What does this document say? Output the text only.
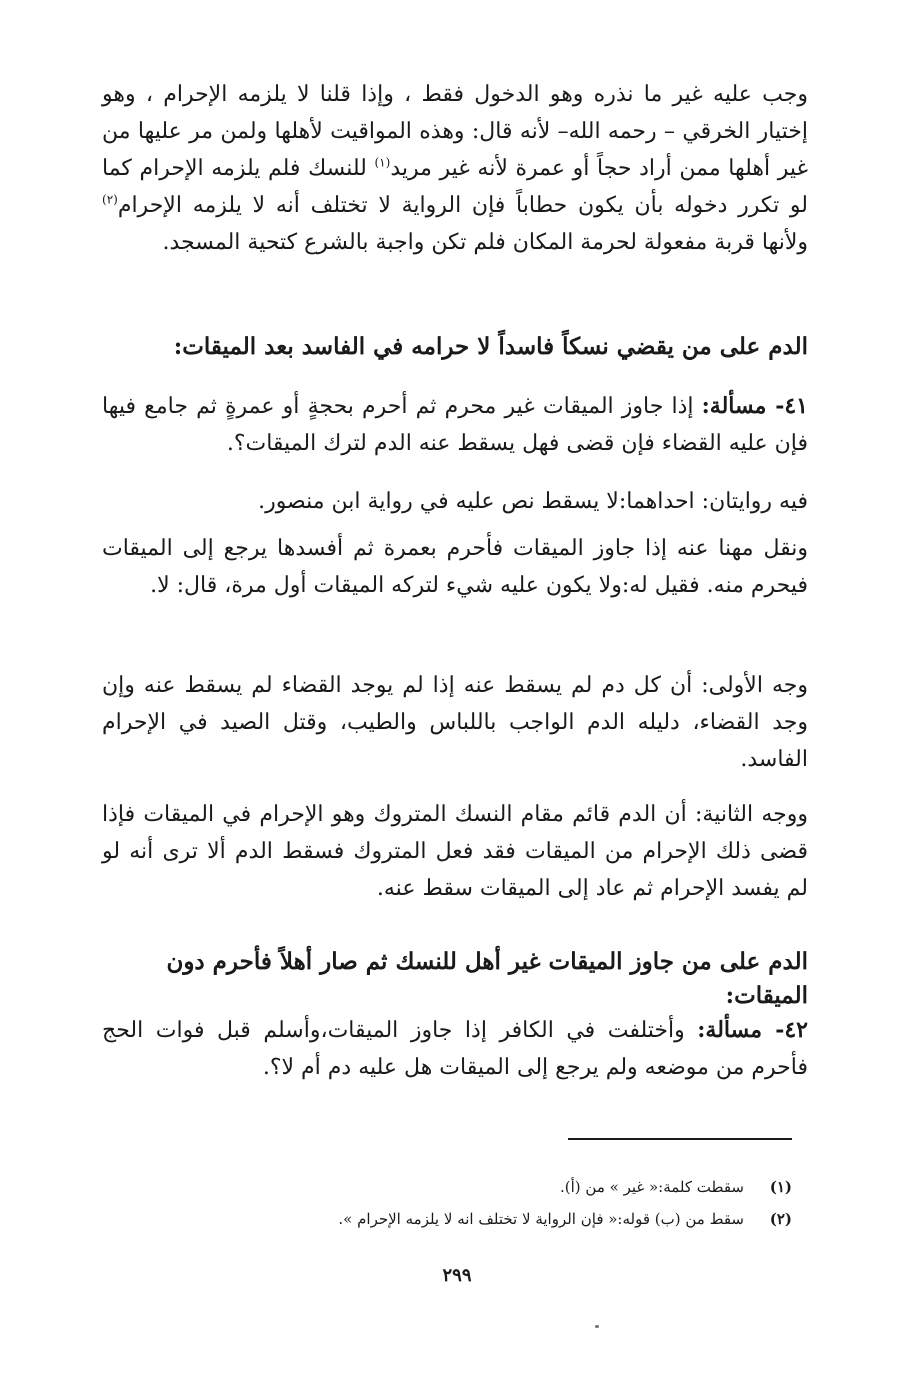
وجب عليه غير ما نذره وهو الدخول فقط ، وإذا قلنا لا يلزمه الإحرام ، وهو إختيار الخرقي – رحمه الله– لأنه قال: وهذه المواقيت لأهلها ولمن مر عليها من غير أهلها ممن أراد حجاً أو عمرة لأنه غير مريد$^{(١)}$ للنسك فلم يلزمه الإحرام كما لو تكرر دخوله بأن يكون حطاباً فإن الرواية لا تختلف أنه لا يلزمه الإحرام$^{(٢)}$ ولأنها قربة مفعولة لحرمة المكان فلم تكن واجبة بالشرع كتحية المسجد.

الدم على من يقضي نسكاً فاسداً لا حرامه في الفاسد بعد الميقات:

٤١- مسألة: إذا جاوز الميقات غير محرم ثم أحرم بحجةٍ أو عمرةٍ ثم جامع فيها فإن عليه القضاء فإن قضى فهل يسقط عنه الدم لترك الميقات؟.

فيه روايتان: احداهما:لا يسقط نص عليه في رواية ابن منصور.

ونقل مهنا عنه إذا جاوز الميقات فأحرم بعمرة ثم أفسدها يرجع إلى الميقات فيحرم منه. فقيل له:ولا يكون عليه شيء لتركه الميقات أول مرة، قال: لا.

وجه الأولى: أن كل دم لم يسقط عنه إذا لم يوجد القضاء لم يسقط عنه وإن وجد القضاء، دليله الدم الواجب باللباس والطيب، وقتل الصيد في الإحرام الفاسد.

ووجه الثانية: أن الدم قائم مقام النسك المتروك وهو الإحرام في الميقات فإذا قضى ذلك الإحرام من الميقات فقد فعل المتروك فسقط الدم ألا ترى أنه لو لم يفسد الإحرام ثم عاد إلى الميقات سقط عنه.

الدم على من جاوز الميقات غير أهل للنسك ثم صار أهلاً فأحرم دون الميقات:

٤٢- مسألة: وأختلفت في الكافر إذا جاوز الميقات،وأسلم قبل فوات الحج فأحرم من موضعه ولم يرجع إلى الميقات هل عليه دم أم لا؟.

(١)سقطت كلمة:« غير » من (أ).
(٢)سقط من (ب) قوله:« فإن الرواية لا تختلف انه لا يلزمه الإحرام ».
٢٩٩
